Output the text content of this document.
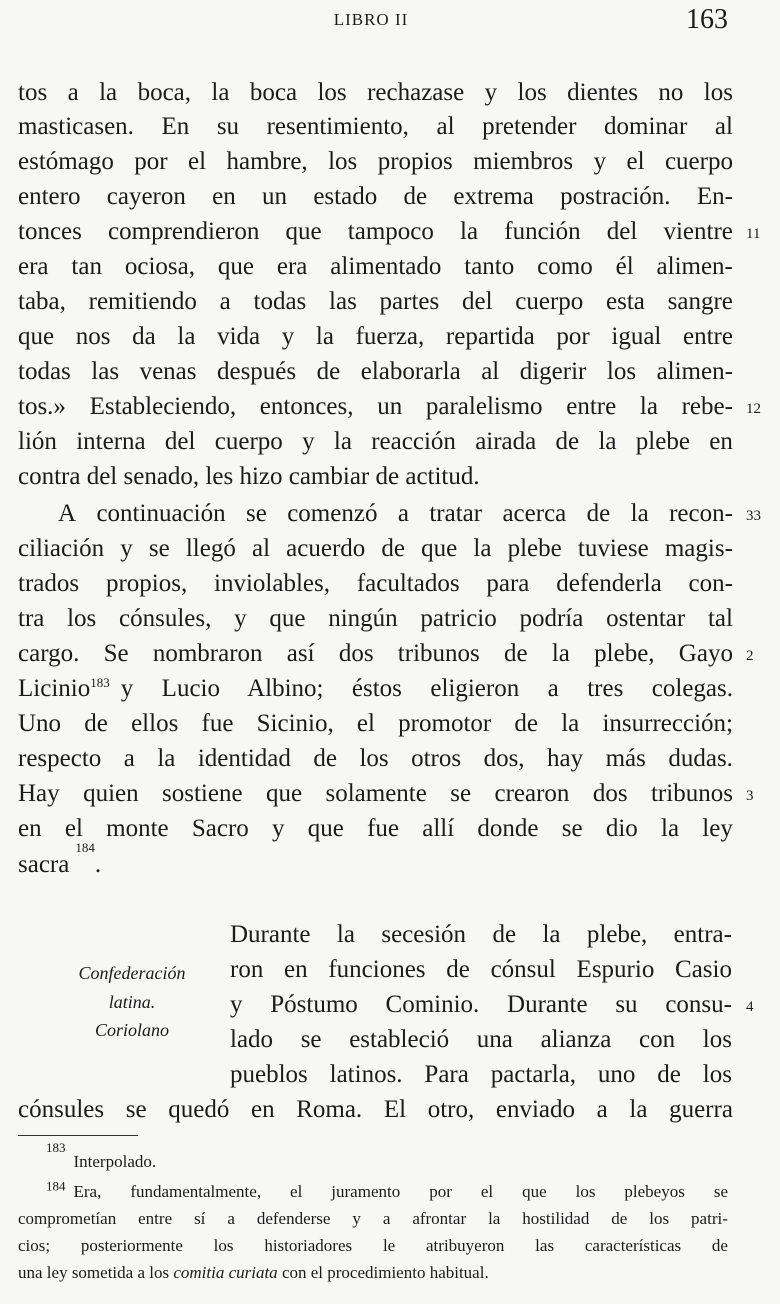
LIBRO II	163
tos a la boca, la boca los rechazase y los dientes no los
masticasen. En su resentimiento, al pretender dominar al
estómago por el hambre, los propios miembros y el cuerpo
entero cayeron en un estado de extrema postración. En-
tonces comprendieron que tampoco la función del vientre
era tan ociosa, que era alimentado tanto como él alimen-
taba, remitiendo a todas las partes del cuerpo esta sangre
que nos da la vida y la fuerza, repartida por igual entre
todas las venas después de elaborarla al digerir los alimen-
tos.» Estableciendo, entonces, un paralelismo entre la rebe-
lión interna del cuerpo y la reacción airada de la plebe en
contra del senado, les hizo cambiar de actitud.
A continuación se comenzó a tratar acerca de la recon-
ciliación y se llegó al acuerdo de que la plebe tuviese magis-
trados propios, inviolables, facultados para defenderla con-
tra los cónsules, y que ningún patricio podría ostentar tal
cargo. Se nombraron así dos tribunos de la plebe, Gayo
Licinio$^{183}$ y Lucio Albino; éstos eligieron a tres colegas.
Uno de ellos fue Sicinio, el promotor de la insurrección;
respecto a la identidad de los otros dos, hay más dudas.
Hay quien sostiene que solamente se crearon dos tribunos
en el monte Sacro y que fue allí donde se dio la ley
sacra
184
.
Confederación
latina.
Coriolano
Durante la secesión de la plebe, entra-
ron en funciones de cónsul Espurio Casio
y Póstumo Cominio. Durante su consu-
lado se estableció una alianza con los
pueblos latinos. Para pactarla, uno de los
cónsules se quedó en Roma. El otro, enviado a la guerra
11
12
33
2
3
4
183
Interpolado.
$^{184}$ Era, fundamentalmente, el juramento por el que los plebeyos se
comprometían entre sí a defenderse y a afrontar la hostilidad de los patri-
cios; posteriormente los historiadores le atribuyeron las características de
una ley sometida a los comitia curiata con el procedimiento habitual.
